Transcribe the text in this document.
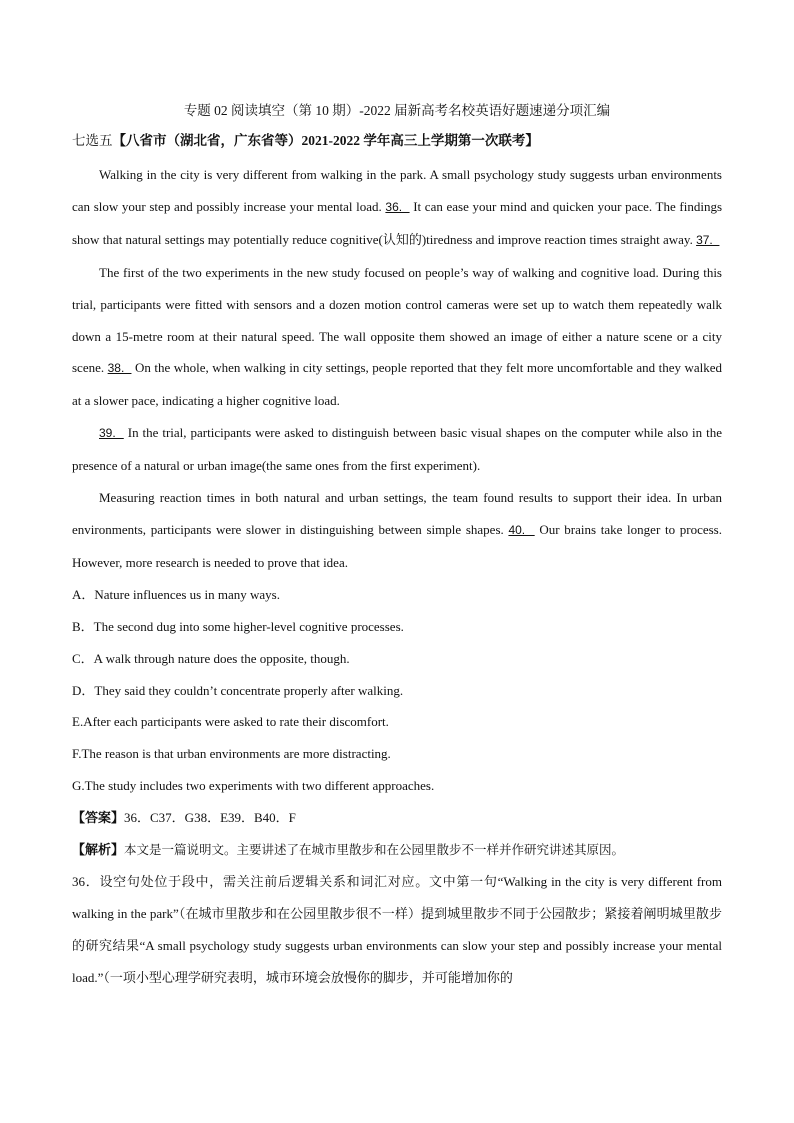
专题 02 阅读填空（第 10 期）-2022 届新高考名校英语好题速递分项汇编
七选五【八省市（湖北省，广东省等）2021-2022 学年高三上学期第一次联考】

Walking in the city is very different from walking in the park. A small psychology study suggests urban environments can slow your step and possibly increase your mental load. 36.   It can ease your mind and quicken your pace. The findings show that natural settings may potentially reduce cognitive(认知的)tiredness and improve reaction times straight away. 37.

The first of the two experiments in the new study focused on people’s way of walking and cognitive load. During this trial, participants were fitted with sensors and a dozen motion control cameras were set up to watch them repeatedly walk down a 15-metre room at their natural speed. The wall opposite them showed an image of either a nature scene or a city scene. 38.   On the whole, when walking in city settings, people reported that they felt more uncomfortable and they walked at a slower pace, indicating a higher cognitive load.

39.   In the trial, participants were asked to distinguish between basic visual shapes on the computer while also in the presence of a natural or urban image(the same ones from the first experiment).

Measuring reaction times in both natural and urban settings, the team found results to support their idea. In urban environments, participants were slower in distinguishing between simple shapes. 40.   Our brains take longer to process. However, more research is needed to prove that idea.

A．Nature influences us in many ways.

B．The second dug into some higher-level cognitive processes.

C．A walk through nature does the opposite, though.

D．They said they couldn’t concentrate properly after walking.

E.After each participants were asked to rate their discomfort.

F.The reason is that urban environments are more distracting.

G.The study includes two experiments with two different approaches.

【答案】36．C37．G38．E39．B40．F

【解析】本文是一篇说明文。主要讲述了在城市里散步和在公园里散步不一样并作研究讲述其原因。

36．设空句处位于段中，需关注前后逻辑关系和词汇对应。文中第一句“Walking in the city is very different from walking in the park”（在城市里散步和在公园里散步很不一样）提到城里散步不同于公园散步；紧接着阐明城里散步的研究结果“A small psychology study suggests urban environments can slow your step and possibly increase your mental load.”（一项小型心理学研究表明，城市环境会放慢你的脚步，并可能增加你的
